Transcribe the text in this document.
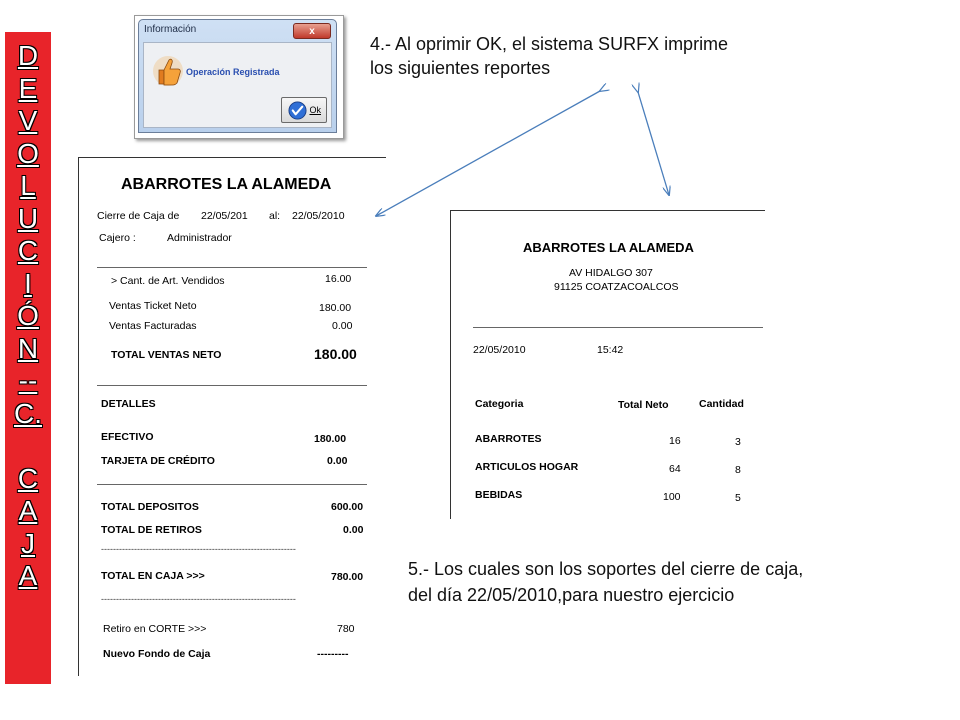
D
E
V
O
L
U
C
I
Ó
N
--
C.
C
A
J
A
Información	x
Operación Registrada
Ok
4.- Al oprimir OK, el sistema SURFX imprime los siguientes reportes
5.- Los cuales son los soportes del cierre de caja, del día 22/05/2010,para nuestro ejercicio
ABARROTES LA ALAMEDA
Cierre de Caja de 22/05/201 al: 22/05/2010
Cajero :	Administrador
> Cant. de Art. Vendidos	16.00
Ventas Ticket Neto	180.00
Ventas Facturadas	0.00
TOTAL VENTAS NETO	180.00
DETALLES
EFECTIVO	180.00
TARJETA DE CRÉDITO	0.00
TOTAL DEPOSITOS	600.00
TOTAL DE RETIROS	0.00
-----------------------------------------------------------------
TOTAL EN CAJA >>>	780.00
-----------------------------------------------------------------
Retiro en CORTE >>>	780
Nuevo Fondo de Caja	---------
ABARROTES LA ALAMEDA
AV HIDALGO 307
91125 COATZACOALCOS
22/05/2010	15:42
Categoria	Total Neto	Cantidad
ABARROTES	16	3
ARTICULOS HOGAR	64	8
BEBIDAS	100	5
